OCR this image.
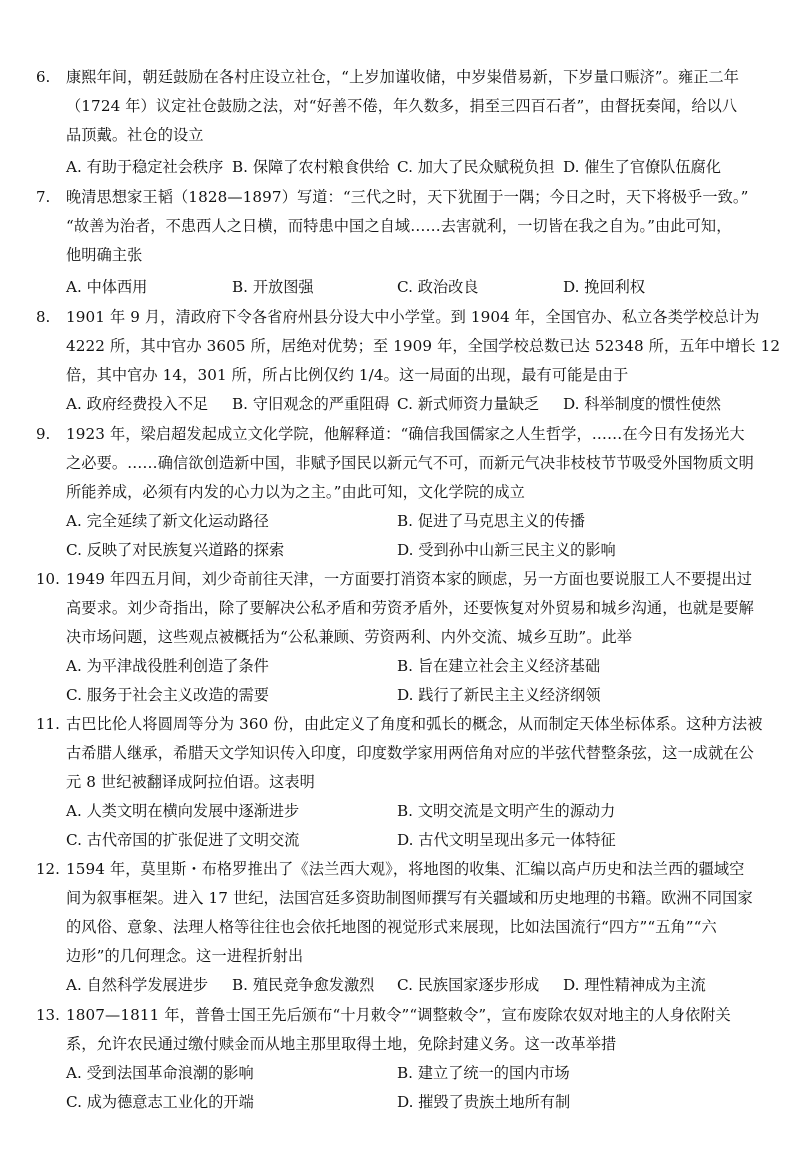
6. 康熙年间，朝廷鼓励在各村庄设立社仓，“上岁加谨收储，中岁粜借易新，下岁量口赈济”。雍正二年

（1724 年）议定社仓鼓励之法，对“好善不倦，年久数多，捐至三四百石者”，由督抚奏闻，给以八

品顶戴。社仓的设立

A. 有助于稳定社会秩序 B. 保障了农村粮食供给 C. 加大了民众赋税负担 D. 催生了官僚队伍腐化
7. 晚清思想家王韬（1828—1897）写道：“三代之时，天下犹囿于一隅；今日之时，天下将极乎一致。”

“故善为治者，不患西人之日横，而特患中国之自域……去害就利，一切皆在我之自为。”由此可知，

他明确主张

A. 中体西用	B. 开放图强	C. 政治改良	D. 挽回利权
8. 1901 年 9 月，清政府下令各省府州县分设大中小学堂。到 1904 年，全国官办、私立各类学校总计为

4222 所，其中官办 3605 所，居绝对优势；至 1909 年，全国学校总数已达 52348 所，五年中增长 12

倍，其中官办 14，301 所，所占比例仅约 1/4。这一局面的出现，最有可能是由于

A. 政府经费投入不足 B. 守旧观念的严重阻碍 C. 新式师资力量缺乏 D. 科举制度的惯性使然
9. 1923 年，梁启超发起成立文化学院，他解释道：“确信我国儒家之人生哲学，……在今日有发扬光大

之必要。……确信欲创造新中国，非赋予国民以新元气不可，而新元气决非枝枝节节吸受外国物质文明

所能养成，必须有内发的心力以为之主。”由此可知，文化学院的成立

A. 完全延续了新文化运动路径	B. 促进了马克思主义的传播
C. 反映了对民族复兴道路的探索	D. 受到孙中山新三民主义的影响
10. 1949 年四五月间，刘少奇前往天津，一方面要打消资本家的顾虑，另一方面也要说服工人不要提出过

高要求。刘少奇指出，除了要解决公私矛盾和劳资矛盾外，还要恢复对外贸易和城乡沟通，也就是要解

决市场问题，这些观点被概括为“公私兼顾、劳资两利、内外交流、城乡互助”。此举

A. 为平津战役胜利创造了条件	B. 旨在建立社会主义经济基础
C. 服务于社会主义改造的需要	D. 践行了新民主主义经济纲领
11. 古巴比伦人将圆周等分为 360 份，由此定义了角度和弧长的概念，从而制定天体坐标体系。这种方法被

古希腊人继承，希腊天文学知识传入印度，印度数学家用两倍角对应的半弦代替整条弦，这一成就在公

元 8 世纪被翻译成阿拉伯语。这表明

A. 人类文明在横向发展中逐渐进步	B. 文明交流是文明产生的源动力
C. 古代帝国的扩张促进了文明交流	D. 古代文明呈现出多元一体特征
12. 1594 年，莫里斯・布格罗推出了《法兰西大观》，将地图的收集、汇编以高卢历史和法兰西的疆域空

间为叙事框架。进入 17 世纪，法国宫廷多资助制图师撰写有关疆域和历史地理的书籍。欧洲不同国家

的风俗、意象、法理人格等往往也会依托地图的视觉形式来展现，比如法国流行“四方”“五角”“六

边形”的几何理念。这一进程折射出

A. 自然科学发展进步 B. 殖民竞争愈发激烈 C. 民族国家逐步形成 D. 理性精神成为主流
13. 1807—1811 年，普鲁士国王先后颁布“十月敕令”“调整敕令”，宣布废除农奴对地主的人身依附关

系，允许农民通过缴付赎金而从地主那里取得土地，免除封建义务。这一改革举措

A. 受到法国革命浪潮的影响	B. 建立了统一的国内市场
C. 成为德意志工业化的开端	D. 摧毁了贵族土地所有制
